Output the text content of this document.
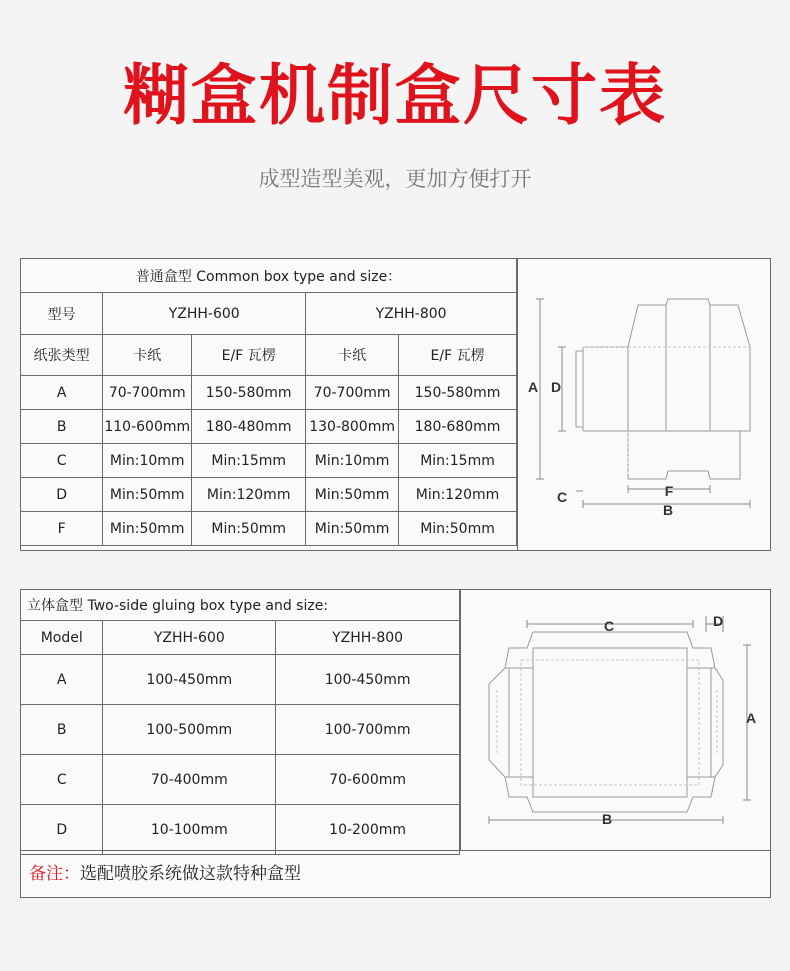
糊盒机制盒尺寸表
成型造型美观，更加方便打开
普通盒型 Common box type and size：				
型号	YZHH-600		YZHH-800	
纸张类型	卡纸	E/F 瓦楞	卡纸	E/F 瓦楞
A	70-700mm	150-580mm	70-700mm	150-580mm
B	110-600mm	180-480mm	130-800mm	180-680mm
C	Min:10mm	Min:15mm	Min:10mm	Min:15mm
D	Min:50mm	Min:120mm	Min:50mm	Min:120mm
F	Min:50mm	Min:50mm	Min:50mm	Min:50mm
A D
C	F
B
立体盒型 Two-side gluing box type and size:		
Model	YZHH-600	YZHH-800
A	100-450mm	100-450mm
B	100-500mm	100-700mm
C	70-400mm	70-600mm
D	10-100mm	10-200mm
C	D
A
B
备注：选配喷胶系统做这款特种盒型
